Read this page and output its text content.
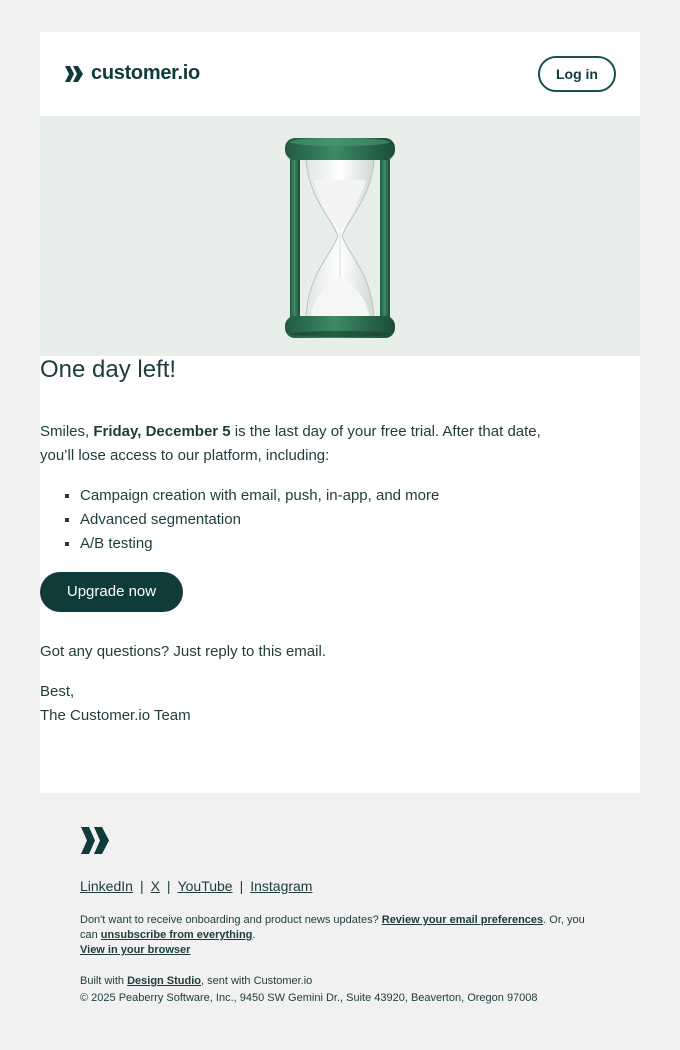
customer.io	Log in
One day left!

Smiles, Friday, December 5 is the last day of your free trial. After that date, you’ll lose access to our platform, including:

▪ Campaign creation with email, push, in-app, and more
▪ Advanced segmentation
▪ A/B testing
Upgrade now

Got any questions? Just reply to this email.

Best,

The Customer.io Team

LinkedIn | X | YouTube | Instagram

Don't want to receive onboarding and product news updates? Review your email preferences. Or, you can unsubscribe from everything.
View in your browser

Built with Design Studio, sent with Customer.io

© 2025 Peaberry Software, Inc., 9450 SW Gemini Dr., Suite 43920, Beaverton, Oregon 97008
